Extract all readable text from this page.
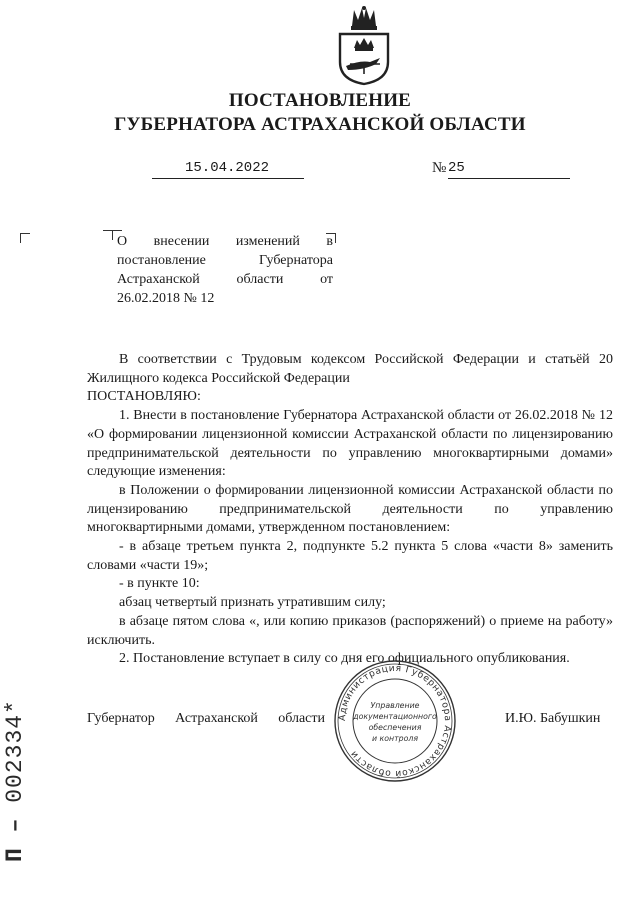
ПОСТАНОВЛЕНИЕ
ГУБЕРНАТОРА АСТРАХАНСКОЙ ОБЛАСТИ
15.04.2022	№ 25
О внесении изменений в постановление Губернатора Астраханской области от 26.02.2018 № 12

В соответствии с Трудовым кодексом Российской Федерации и статьёй 20 Жилищного кодекса Российской Федерации

ПОСТАНОВЛЯЮ:

1. Внести в постановление Губернатора Астраханской области от 26.02.2018 № 12 «О формировании лицензионной комиссии Астраханской области по лицензированию предпринимательской деятельности по управлению многоквартирными домами» следующие изменения:

в Положении о формировании лицензионной комиссии Астраханской области по лицензированию предпринимательской деятельности по управлению многоквартирными домами, утвержденном постановлением:

- в абзаце третьем пункта 2, подпункте 5.2 пункта 5 слова «части 8» заменить словами «части 19»;

- в пункте 10:

абзац четвертый признать утратившим силу;

в абзаце пятом слова «, или копию приказов (распоряжений) о приеме на работу» исключить.

2. Постановление вступает в силу со дня его официального опубликования.

Губернатор Астраханской области	И.Ю. Бабушкин
Администрация Губернатора Астраханской области
Управление
документационного
обеспечения
и контроля
П – 002334*
